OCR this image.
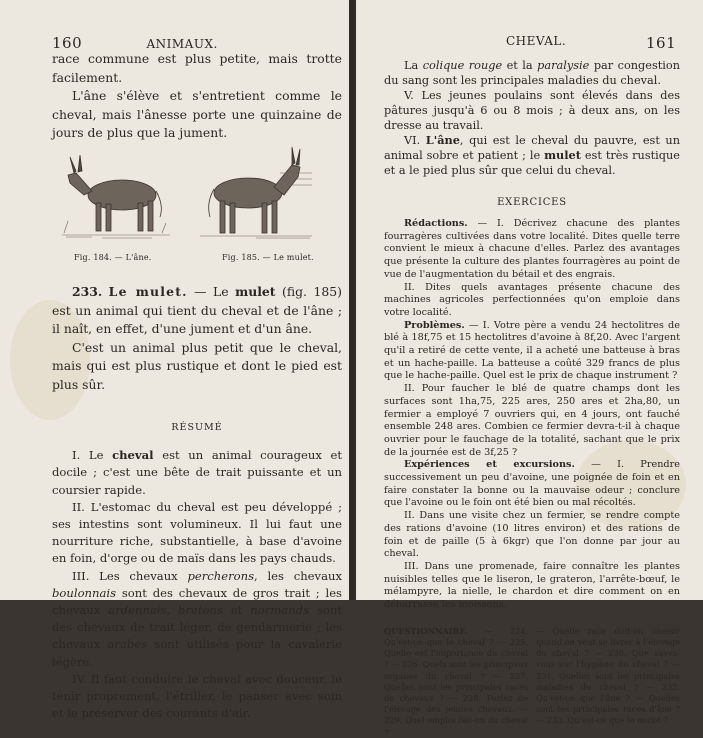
160	ANIMAUX.

race commune est plus petite, mais trotte facilement.

L'âne s'élève et s'entretient comme le cheval, mais l'ânesse porte une quinzaine de jours de plus que la jument.

Fig. 184. — L'âne.	Fig. 185. — Le mulet.

233. Le mulet. — Le mulet (fig. 185) est un animal qui tient du cheval et de l'âne ; il naît, en effet, d'une jument et d'un âne.

C'est un animal plus petit que le cheval, mais qui est plus rustique et dont le pied est plus sûr.

RÉSUMÉ

I. Le cheval est un animal courageux et docile ; c'est une bête de trait puissante et un coursier rapide.

II. L'estomac du cheval est peu développé ; ses intestins sont volumineux. Il lui faut une nourriture riche, substantielle, à base d'avoine en foin, d'orge ou de maïs dans les pays chauds.

III. Les chevaux percherons, les chevaux boulonnais sont des chevaux de gros trait ; les chevaux ardennais, bretons et normands sont des chevaux de trait léger, de gendarmerie ; les chevaux arabes sont utilisés pour la cavalerie légère.

IV. Il faut conduire le cheval avec douceur, le tenir proprement, l'étriller, le panser avec soin et le préserver des courants d'air.

CHEVAL.	161

La colique rouge et la paralysie par congestion du sang sont les principales maladies du cheval.

V. Les jeunes poulains sont élevés dans des pâtures jusqu'à 6 ou 8 mois ; à deux ans, on les dresse au travail.

VI. L'âne, qui est le cheval du pauvre, est un animal sobre et patient ; le mulet est très rustique et a le pied plus sûr que celui du cheval.

EXERCICES

Rédactions. — I. Décrivez chacune des plantes fourragères cultivées dans votre localité. Dites quelle terre convient le mieux à chacune d'elles. Parlez des avantages que présente la culture des plantes fourragères au point de vue de l'augmentation du bétail et des engrais.

II. Dites quels avantages présente chacune des machines agricoles perfectionnées qu'on emploie dans votre localité.

Problèmes. — I. Votre père a vendu 24 hectolitres de blé à 18f,75 et 15 hectolitres d'avoine à 8f,20. Avec l'argent qu'il a retiré de cette vente, il a acheté une batteuse à bras et un hache-paille. La batteuse a coûté 329 francs de plus que le hache-paille. Quel est le prix de chaque instrument ?

II. Pour faucher le blé de quatre champs dont les surfaces sont 1ha,75, 225 ares, 250 ares et 2ha,80, un fermier a employé 7 ouvriers qui, en 4 jours, ont fauché ensemble 248 ares. Combien ce fermier devra-t-il à chaque ouvrier pour le fauchage de la totalité, sachant que le prix de la journée est de 3f,25 ?

Expériences et excursions. — I. Prendre successivement un peu d'avoine, une poignée de foin et en faire constater la bonne ou la mauvaise odeur ; conclure que l'avoine ou le foin ont été bien ou mal récoltés.

II. Dans une visite chez un fermier, se rendre compte des rations d'avoine (10 litres environ) et des rations de foin et de paille (5 à 6kgr) que l'on donne par jour au cheval.

III. Dans une promenade, faire connaître les plantes nuisibles telles que le liseron, le grateron, l'arrête-bœuf, le mélampyre, la nielle, le chardon et dire comment on en débarrasse les moissons.

QUESTIONNAIRE. — 224. Qu'est-ce que le cheval ? — 225. Quelle est l'importance du cheval ? — 226. Quels sont les principaux organes du cheval ? — 227. Quelles sont les principales races de chevaux ? — 228. Parlez de l'élevage des jeunes chevaux. — 229. Quel emploi fait-on du cheval ?
— Quelle race doit-on choisir quand on veut se livrer à l'élevage du cheval ? — 230. Que savez-vous sur l'hygiène du cheval ? — 231. Quelles sont les principales maladies du cheval ? — 232. Qu'est-ce que l'âne ? — Quelles sont les principales races d'âne ? — 233. Qu'est-ce que le mulet ?
